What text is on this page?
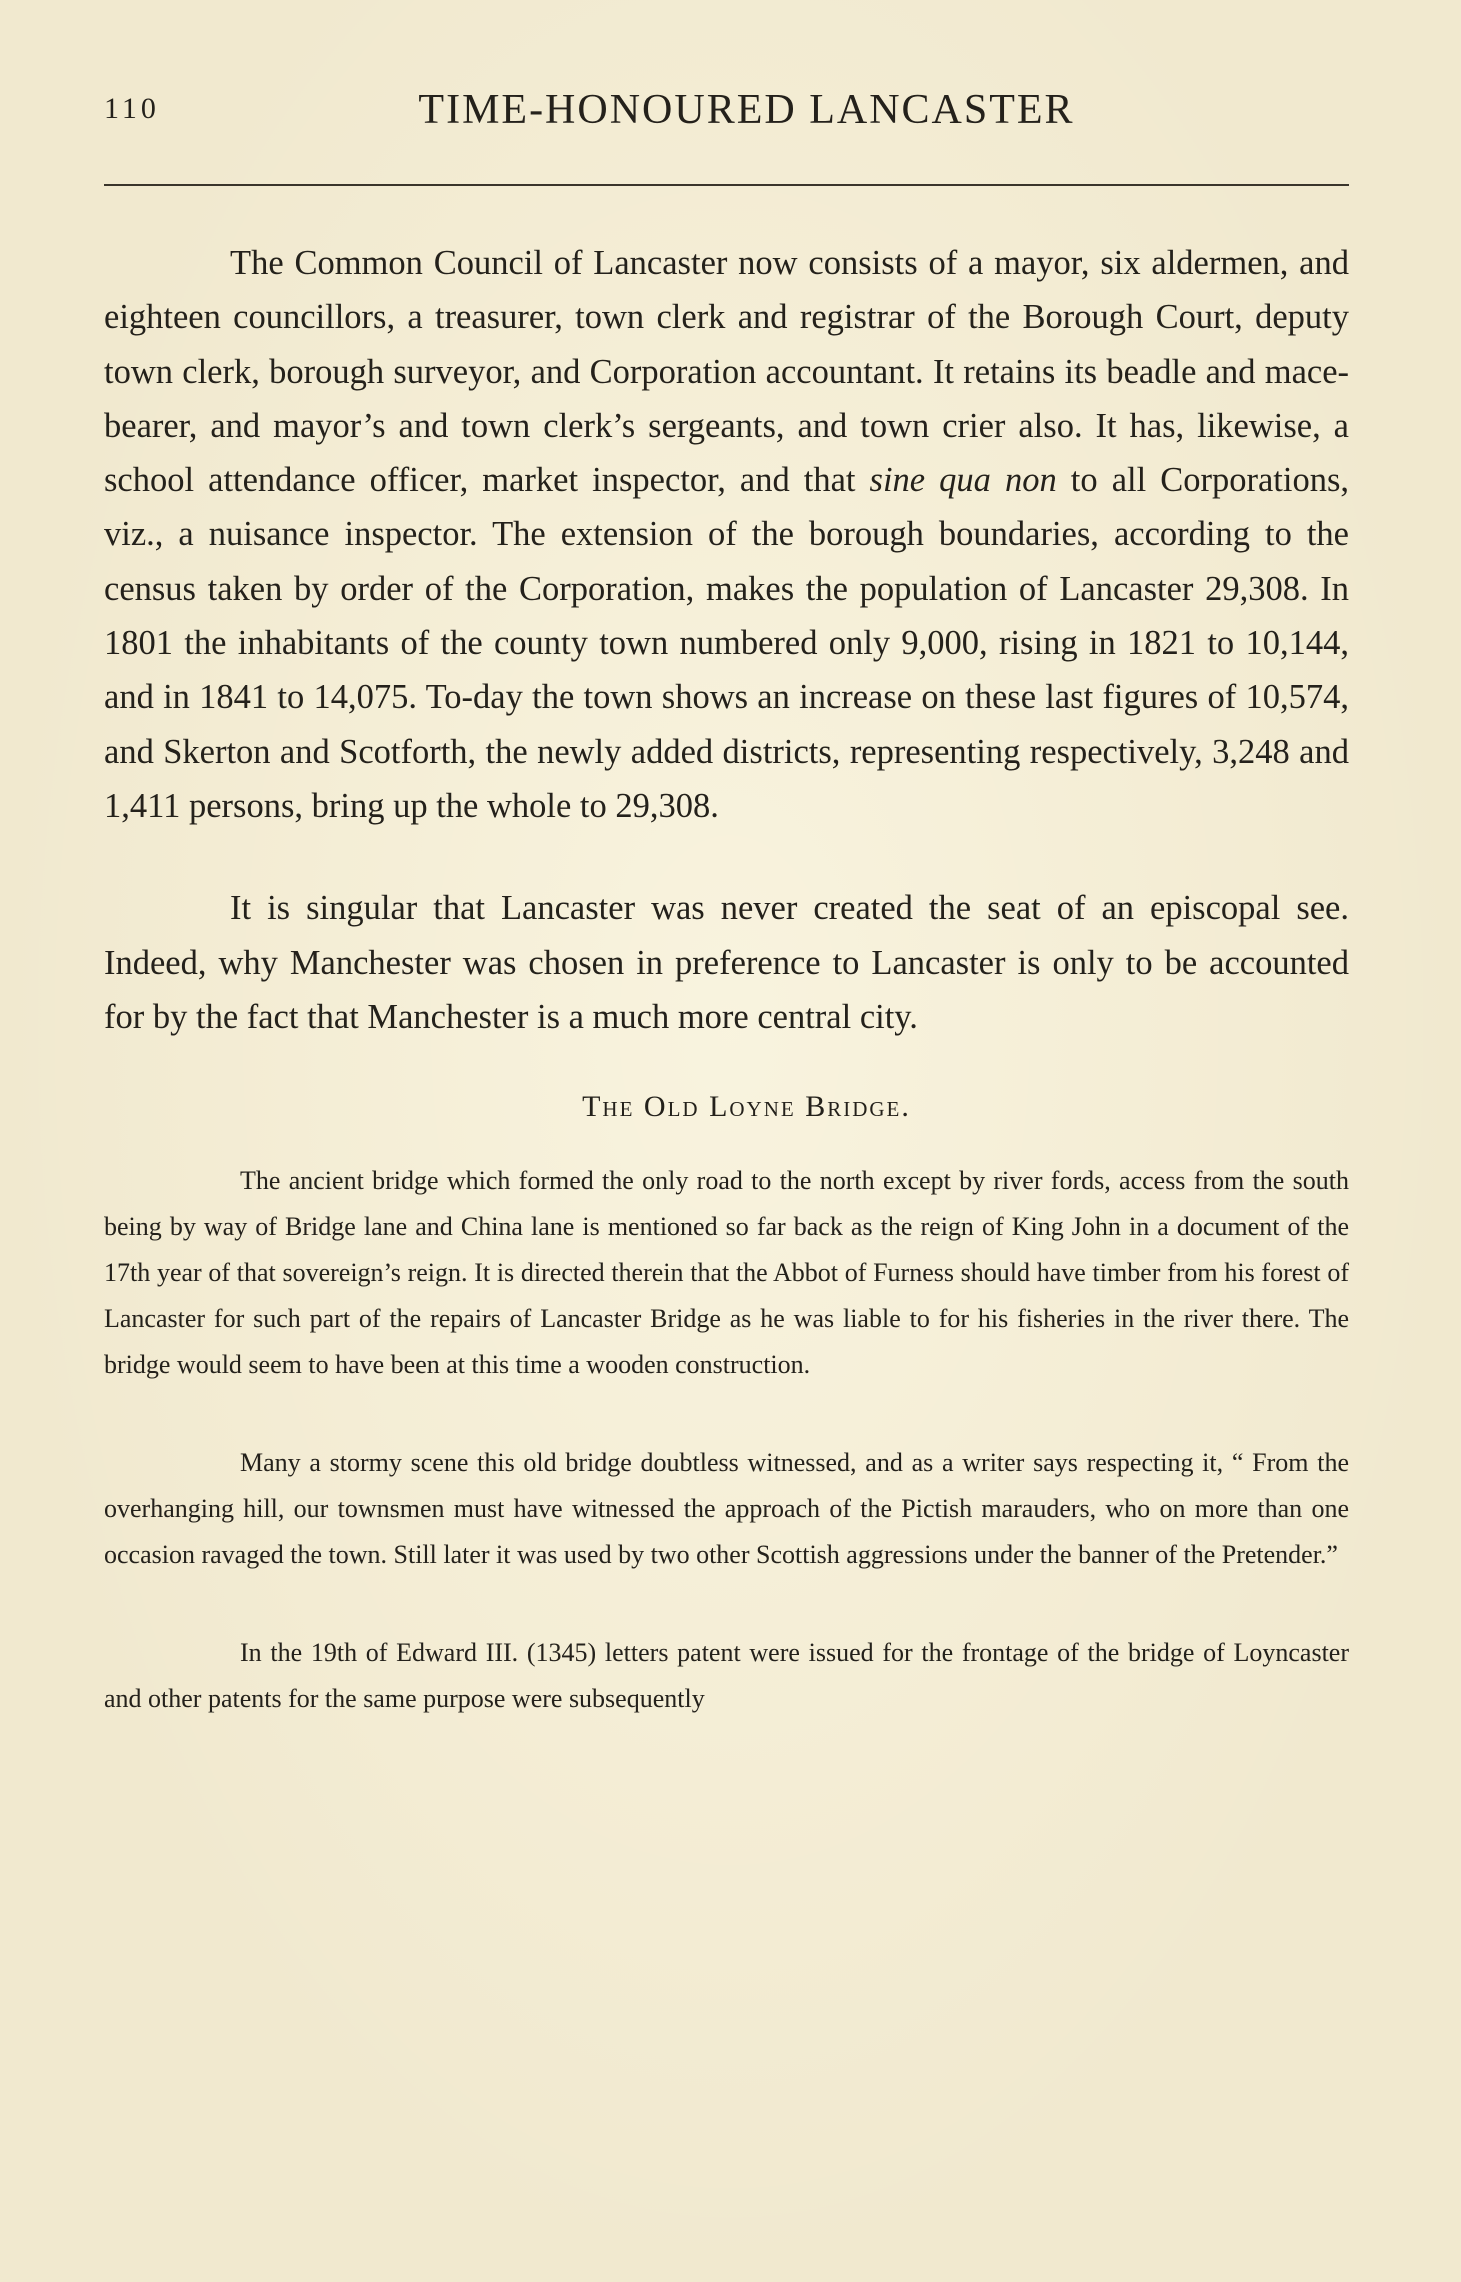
110	TIME-HONOURED LANCASTER

The Common Council of Lancaster now consists of a mayor, six aldermen, and eighteen councillors, a treasurer, town clerk and registrar of the Borough Court, deputy town clerk, borough surveyor, and Corporation accountant. It retains its beadle and mace-bearer, and mayor’s and town clerk’s sergeants, and town crier also. It has, likewise, a school attendance officer, market inspector, and that sine qua non to all Corporations, viz., a nuisance inspector. The extension of the borough boundaries, according to the census taken by order of the Corporation, makes the population of Lancaster 29,308. In 1801 the inhabitants of the county town numbered only 9,000, rising in 1821 to 10,144, and in 1841 to 14,075. To-day the town shows an increase on these last figures of 10,574, and Skerton and Scotforth, the newly added districts, representing respectively, 3,248 and 1,411 persons, bring up the whole to 29,308.

It is singular that Lancaster was never created the seat of an episcopal see. Indeed, why Manchester was chosen in preference to Lancaster is only to be accounted for by the fact that Manchester is a much more central city.

The Old Loyne Bridge.

The ancient bridge which formed the only road to the north except by river fords, access from the south being by way of Bridge lane and China lane is mentioned so far back as the reign of King John in a document of the 17th year of that sovereign’s reign. It is directed therein that the Abbot of Furness should have timber from his forest of Lancaster for such part of the repairs of Lancaster Bridge as he was liable to for his fisheries in the river there. The bridge would seem to have been at this time a wooden construction.

Many a stormy scene this old bridge doubtless witnessed, and as a writer says respecting it, “ From the overhanging hill, our townsmen must have witnessed the approach of the Pictish marauders, who on more than one occasion ravaged the town. Still later it was used by two other Scottish aggressions under the banner of the Pretender.”

In the 19th of Edward III. (1345) letters patent were issued for the frontage of the bridge of Loyncaster and other patents for the same purpose were subsequently
